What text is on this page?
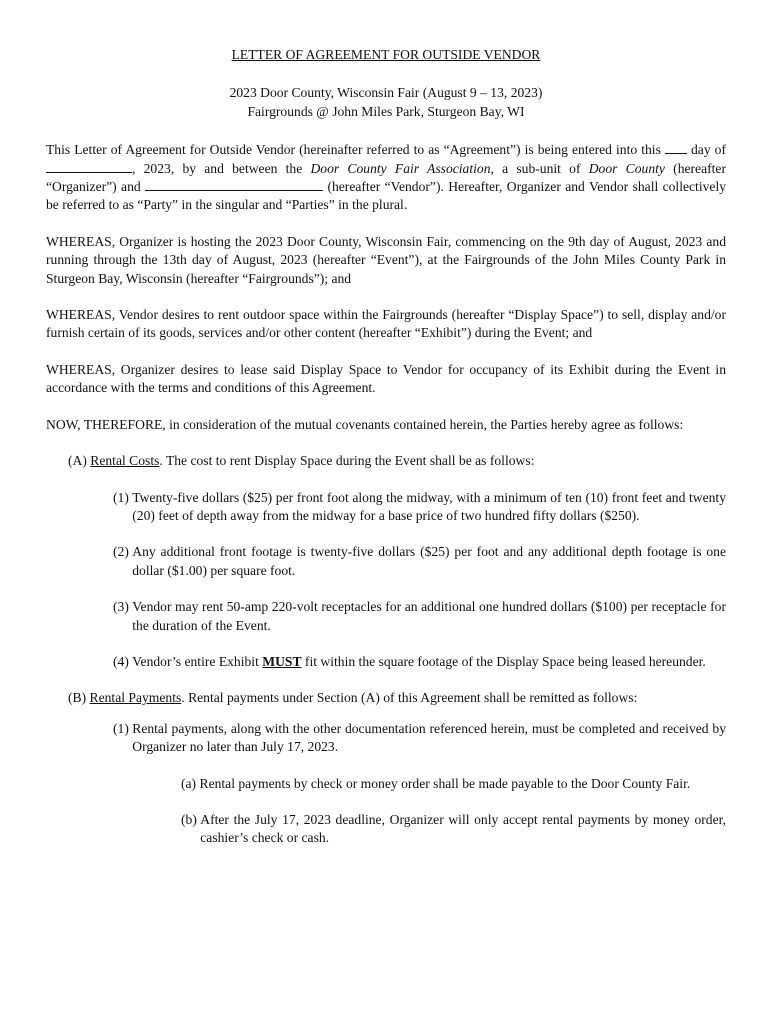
LETTER OF AGREEMENT FOR OUTSIDE VENDOR
2023 Door County, Wisconsin Fair (August 9 – 13, 2023)
Fairgrounds @ John Miles Park, Sturgeon Bay, WI
This Letter of Agreement for Outside Vendor (hereinafter referred to as “Agreement”) is being entered into this day of , 2023, by and between the Door County Fair Association, a sub-unit of Door County (hereafter “Organizer”) and	(hereafter “Vendor”). Hereafter, Organizer and Vendor shall collectively be referred to as “Party” in the singular and “Parties” in the plural.
WHEREAS, Organizer is hosting the 2023 Door County, Wisconsin Fair, commencing on the 9th day of August, 2023 and running through the 13th day of August, 2023 (hereafter “Event”), at the Fairgrounds of the John Miles County Park in Sturgeon Bay, Wisconsin (hereafter “Fairgrounds”); and
WHEREAS, Vendor desires to rent outdoor space within the Fairgrounds (hereafter “Display Space”) to sell, display and/or furnish certain of its goods, services and/or other content (hereafter “Exhibit”) during the Event; and
WHEREAS, Organizer desires to lease said Display Space to Vendor for occupancy of its Exhibit during the Event in accordance with the terms and conditions of this Agreement.
NOW, THEREFORE, in consideration of the mutual covenants contained herein, the Parties hereby agree as follows:
(A) Rental Costs. The cost to rent Display Space during the Event shall be as follows:
(1) Twenty-five dollars ($25) per front foot along the midway, with a minimum of ten (10) front feet and twenty (20) feet of depth away from the midway for a base price of two hundred fifty dollars ($250).
(2) Any additional front footage is twenty-five dollars ($25) per foot and any additional depth footage is one dollar ($1.00) per square foot.
(3) Vendor may rent 50-amp 220-volt receptacles for an additional one hundred dollars ($100) per receptacle for the duration of the Event.
(4) Vendor’s entire Exhibit MUST fit within the square footage of the Display Space being leased hereunder.
(B) Rental Payments. Rental payments under Section (A) of this Agreement shall be remitted as follows:
(1) Rental payments, along with the other documentation referenced herein, must be completed and received by Organizer no later than July 17, 2023.
(a) Rental payments by check or money order shall be made payable to the Door County Fair.
(b) After the July 17, 2023 deadline, Organizer will only accept rental payments by money order, cashier’s check or cash.
